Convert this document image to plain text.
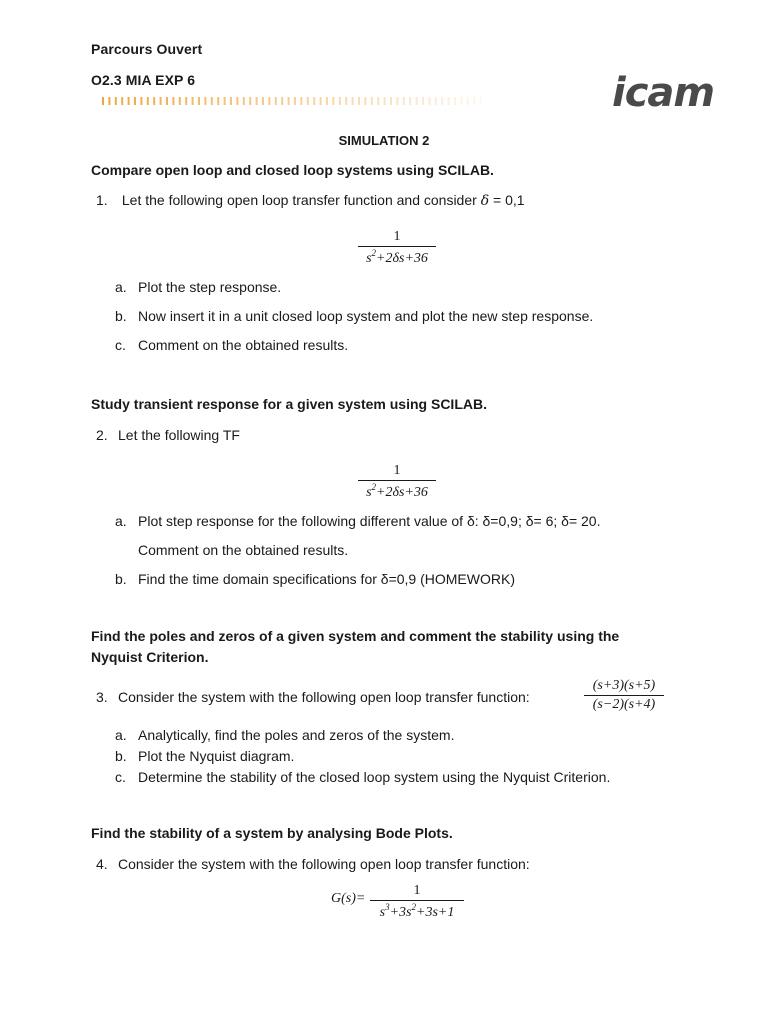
Parcours Ouvert
O2.3 MIA EXP 6	icam
SIMULATION 2
Compare open loop and closed loop systems using SCILAB.
1. Let the following open loop transfer function and consider δ = 0,1
1
$s^2+2\delta s+36$
a. Plot the step response.
b. Now insert it in a unit closed loop system and plot the new step response.
c. Comment on the obtained results.
Study transient response for a given system using SCILAB.
2. Let the following TF
1
$s^2+2\delta s+36$
a. Plot step response for the following different value of δ: δ=0,9; δ= 6; δ= 20.
Comment on the obtained results.
b. Find the time domain specifications for δ=0,9 (HOMEWORK)
Find the poles and zeros of a given system and comment the stability using the
Nyquist Criterion.
3. Consider the system with the following open loop transfer function:
(s+3)(s+5)
(s−2)(s+4)
a. Analytically, find the poles and zeros of the system.
b. Plot the Nyquist diagram.
c. Determine the stability of the closed loop system using the Nyquist Criterion.
Find the stability of a system by analysing Bode Plots.
4. Consider the system with the following open loop transfer function:
G(s)=
1
$s^3+3s^2+3s+1$
